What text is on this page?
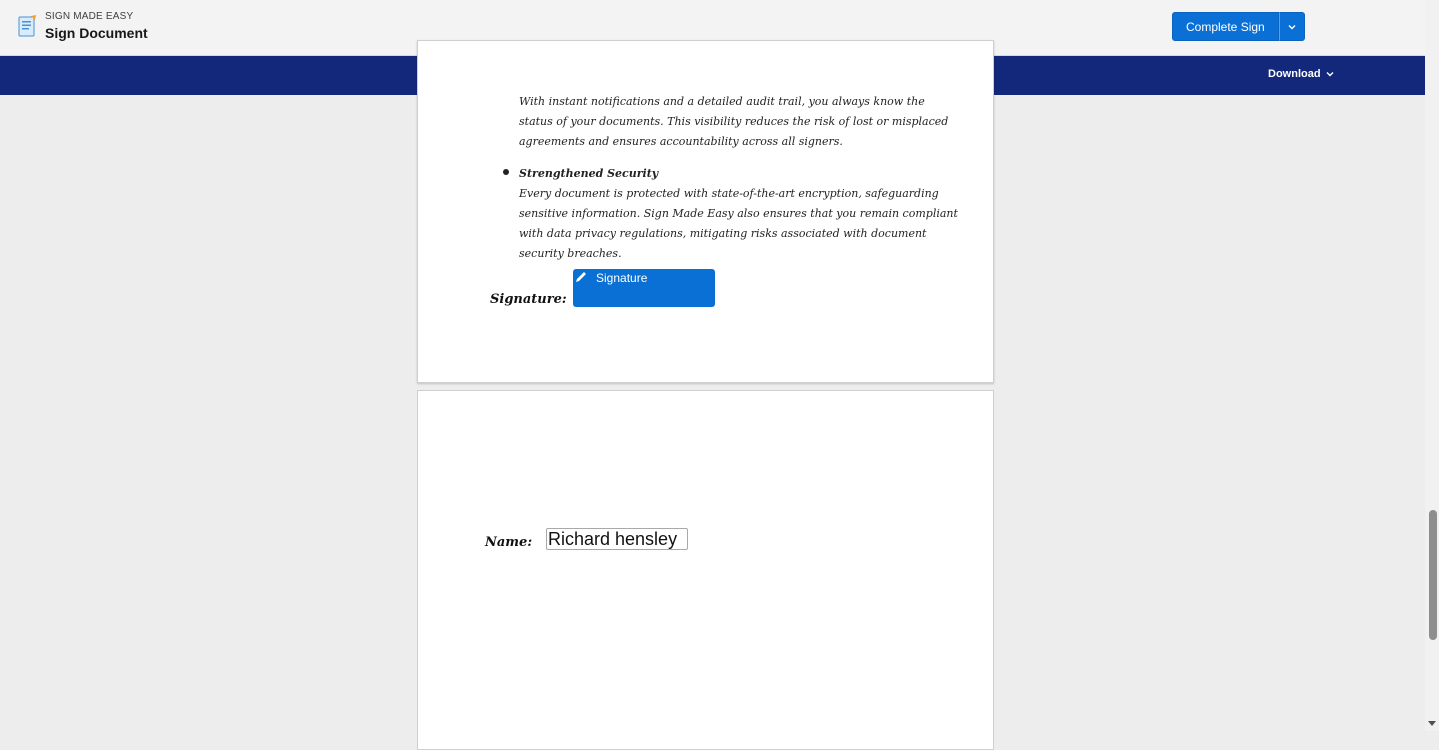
SIGN MADE EASY
Sign Document	Complete Sign
Download
With instant notifications and a detailed audit trail, you always know the status of your documents. This visibility reduces the risk of lost or misplaced agreements and ensures accountability across all signers.
Strengthened Security
Every document is protected with state-of-the-art encryption, safeguarding sensitive information. Sign Made Easy also ensures that you remain compliant with data privacy regulations, mitigating risks associated with document security breaches.
Signature:
Signature
Name:
Richard hensley
